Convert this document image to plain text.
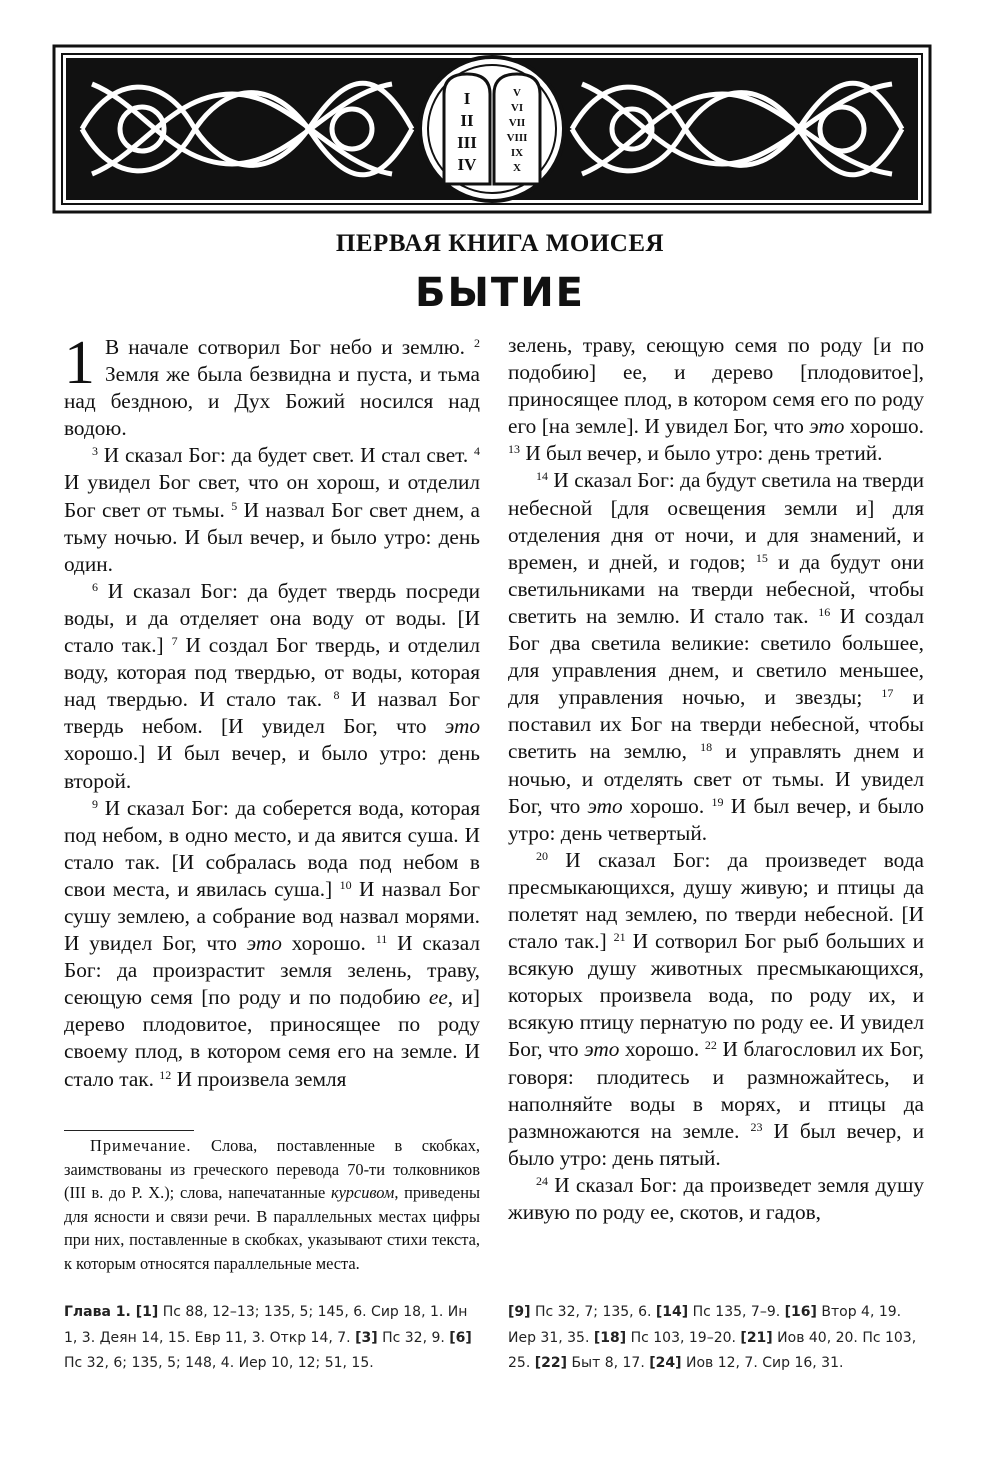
I
II
III
IV
V
VI
VII
VIII
IX
X
ПЕРВАЯ КНИГА МОИСЕЯ
БЫТИЕ
1 В начале сотворил Бог небо и землю. $^2$ Земля же была безвидна и пуста, и тьма над бездною, и Дух Божий носился над водою.

$^3$ И сказал Бог: да будет свет. И стал свет. $^4$ И увидел Бог свет, что он хорош, и отделил Бог свет от тьмы. $^5$ И назвал Бог свет днем, а тьму ночью. И был вечер, и было утро: день один.

$^6$ И сказал Бог: да будет твердь посреди воды, и да отделяет она воду от воды. [И стало так.] $^7$ И создал Бог твердь, и отделил воду, которая под твердью, от воды, которая над твердью. И стало так. $^8$ И назвал Бог твердь небом. [И увидел Бог, что это хорошо.] И был вечер, и было утро: день второй.

$^9$ И сказал Бог: да соберется вода, которая под небом, в одно место, и да явится суша. И стало так. [И собралась вода под небом в свои места, и явилась суша.] $^{10}$ И назвал Бог сушу землею, а собрание вод назвал морями. И увидел Бог, что это хорошо. $^{11}$ И сказал Бог: да произрастит земля зелень, траву, сеющую семя [по роду и по подобию ее, и] дерево плодовитое, приносящее по роду своему плод, в котором семя его на земле. И стало так. $^{12}$ И произвела земля

зелень, траву, сеющую семя по роду [и по подобию] ее, и дерево [плодовитое], приносящее плод, в котором семя его по роду его [на земле]. И увидел Бог, что это хорошо. $^{13}$ И был вечер, и было утро: день третий.

$^{14}$ И сказал Бог: да будут светила на тверди небесной [для освещения земли и] для отделения дня от ночи, и для знамений, и времен, и дней, и годов; $^{15}$ и да будут они светильниками на тверди небесной, чтобы светить на землю. И стало так. $^{16}$ И создал Бог два светила великие: светило большее, для управления днем, и светило меньшее, для управления ночью, и звезды; $^{17}$ и поставил их Бог на тверди небесной, чтобы светить на землю, $^{18}$ и управлять днем и ночью, и отделять свет от тьмы. И увидел Бог, что это хорошо. $^{19}$ И был вечер, и было утро: день четвертый.

$^{20}$ И сказал Бог: да произведет вода пресмыкающихся, душу живую; и птицы да полетят над землею, по тверди небесной. [И стало так.] $^{21}$ И сотворил Бог рыб больших и всякую душу животных пресмыкающихся, которых произвела вода, по роду их, и всякую птицу пернатую по роду ее. И увидел Бог, что это хорошо. $^{22}$ И благословил их Бог, говоря: плодитесь и размножайтесь, и наполняйте воды в морях, и птицы да размножаются на земле. $^{23}$ И был вечер, и было утро: день пятый.

$^{24}$ И сказал Бог: да произведет земля душу живую по роду ее, скотов, и гадов,

Примечание. Слова, поставленные в скобках, заимствованы из греческого перевода 70-ти толковников (III в. до Р. Х.); слова, напечатанные курсивом, приведены для ясности и связи речи. В параллельных местах цифры при них, поставленные в скобках, указывают стихи текста, к которым относятся параллельные места.

Глава 1. [1] Пс 88, 12–13; 135, 5; 145, 6. Сир 18, 1. Ин 1, 3. Деян 14, 15. Евр 11, 3. Откр 14, 7. [3] Пс 32, 9. [6] Пс 32, 6; 135, 5; 148, 4. Иер 10, 12; 51, 15.

[9] Пс 32, 7; 135, 6. [14] Пс 135, 7–9. [16] Втор 4, 19. Иер 31, 35. [18] Пс 103, 19–20. [21] Иов 40, 20. Пс 103, 25. [22] Быт 8, 17. [24] Иов 12, 7. Сир 16, 31.
